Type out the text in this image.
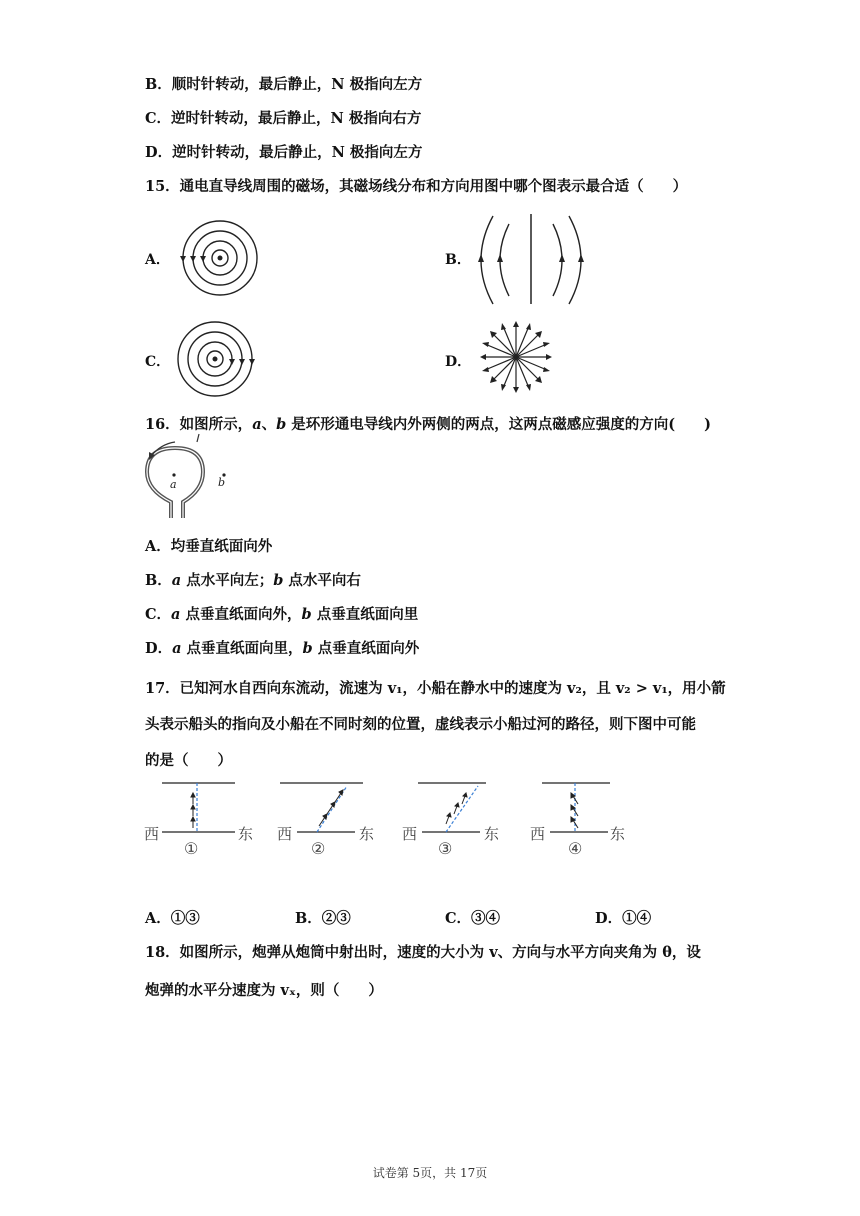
B．顺时针转动，最后静止，N 极指向左方
C．逆时针转动，最后静止，N 极指向右方
D．逆时针转动，最后静止，N 极指向左方
15．通电直导线周围的磁场，其磁场线分布和方向用图中哪个图表示最合适（　　）
A．	B．
C．	D．
16．如图所示，a、b 是环形通电导线内外两侧的两点，这两点磁感应强度的方向(　　)
a	b
A．均垂直纸面向外
B．a 点水平向左；b 点水平向右
C．a 点垂直纸面向外，b 点垂直纸面向里
D．a 点垂直纸面向里，b 点垂直纸面向外
17．已知河水自西向东流动，流速为 v₁，小船在静水中的速度为 v₂，且 v₂ > v₁，用小箭
头表示船头的指向及小船在不同时刻的位置，虚线表示小船过河的路径，则下图中可能
的是（　　）
西	东
①
西	东
②
西	东
③
西	东
④
A．①③	B．②③	C．③④	D．①④
18．如图所示，炮弹从炮筒中射出时，速度的大小为 v、方向与水平方向夹角为 θ，设
炮弹的水平分速度为 vₓ，则（　　）
试卷第 5页，共 17页
